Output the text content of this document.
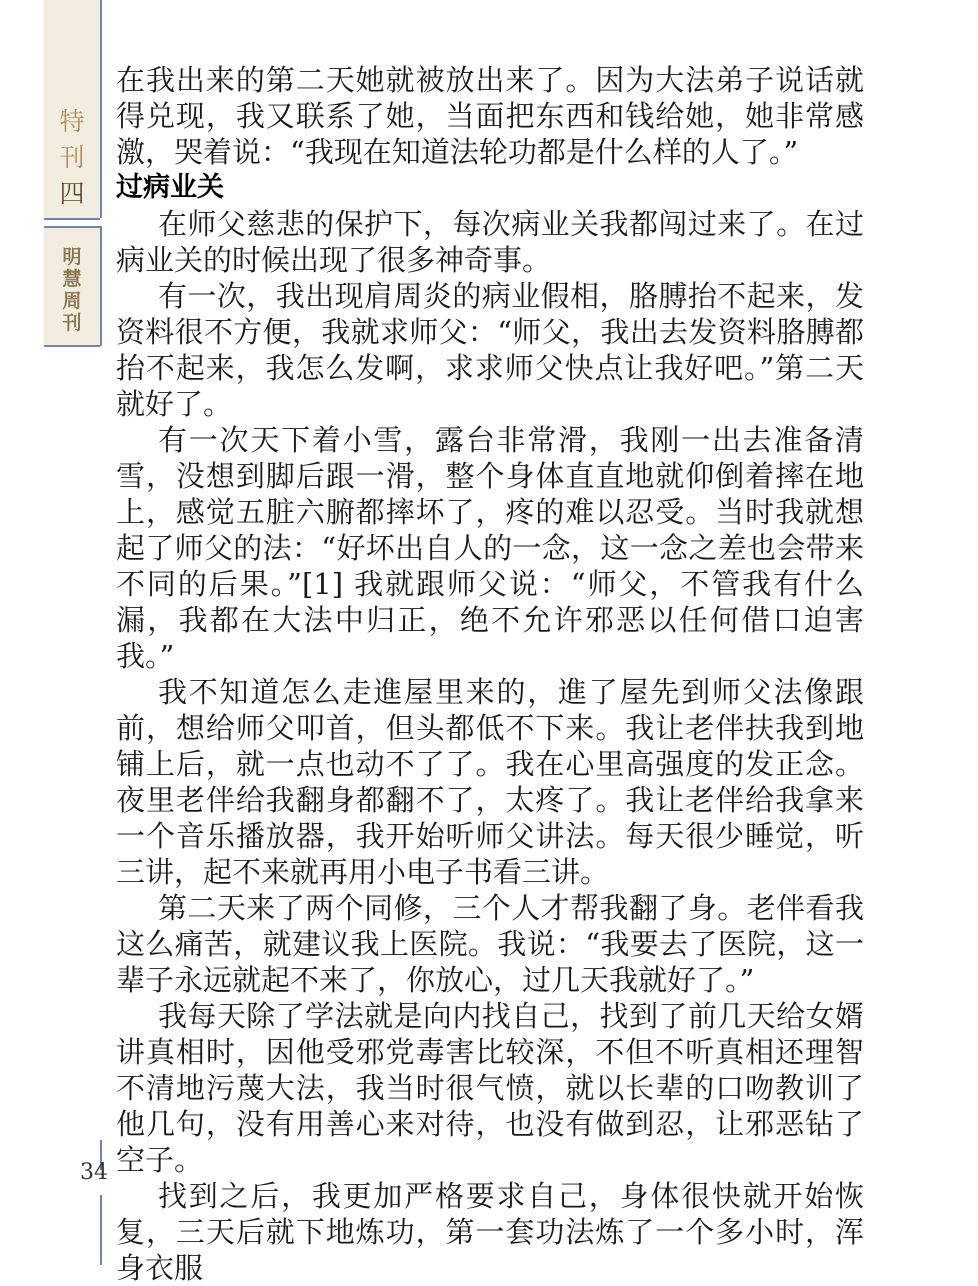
特
刊
四
明
慧
周
刊
34

在我出来的第二天她就被放出来了。因为大法弟子说话就得兑现，我又联系了她，当面把东西和钱给她，她非常感激，哭着说：“我现在知道法轮功都是什么样的人了。”

过病业关

在师父慈悲的保护下，每次病业关我都闯过来了。在过病业关的时候出现了很多神奇事。

有一次，我出现肩周炎的病业假相，胳膊抬不起来，发资料很不方便，我就求师父：“师父，我出去发资料胳膊都抬不起来，我怎么发啊，求求师父快点让我好吧。”第二天就好了。

有一次天下着小雪，露台非常滑，我刚一出去准备清雪，没想到脚后跟一滑，整个身体直直地就仰倒着摔在地上，感觉五脏六腑都摔坏了，疼的难以忍受。当时我就想起了师父的法：“好坏出自人的一念，这一念之差也会带来不同的后果。”[1] 我就跟师父说：“师父，不管我有什么漏，我都在大法中归正，绝不允许邪恶以任何借口迫害我。”

我不知道怎么走進屋里来的，進了屋先到师父法像跟前，想给师父叩首，但头都低不下来。我让老伴扶我到地铺上后，就一点也动不了了。我在心里高强度的发正念。夜里老伴给我翻身都翻不了，太疼了。我让老伴给我拿来一个音乐播放器，我开始听师父讲法。每天很少睡觉，听三讲，起不来就再用小电子书看三讲。

第二天来了两个同修，三个人才帮我翻了身。老伴看我这么痛苦，就建议我上医院。我说：“我要去了医院，这一辈子永远就起不来了，你放心，过几天我就好了。”

我每天除了学法就是向内找自己，找到了前几天给女婿讲真相时，因他受邪党毒害比较深，不但不听真相还理智不清地污蔑大法，我当时很气愤，就以长辈的口吻教训了他几句，没有用善心来对待，也没有做到忍，让邪恶钻了空子。

找到之后，我更加严格要求自己，身体很快就开始恢复，三天后就下地炼功，第一套功法炼了一个多小时，浑身衣服
